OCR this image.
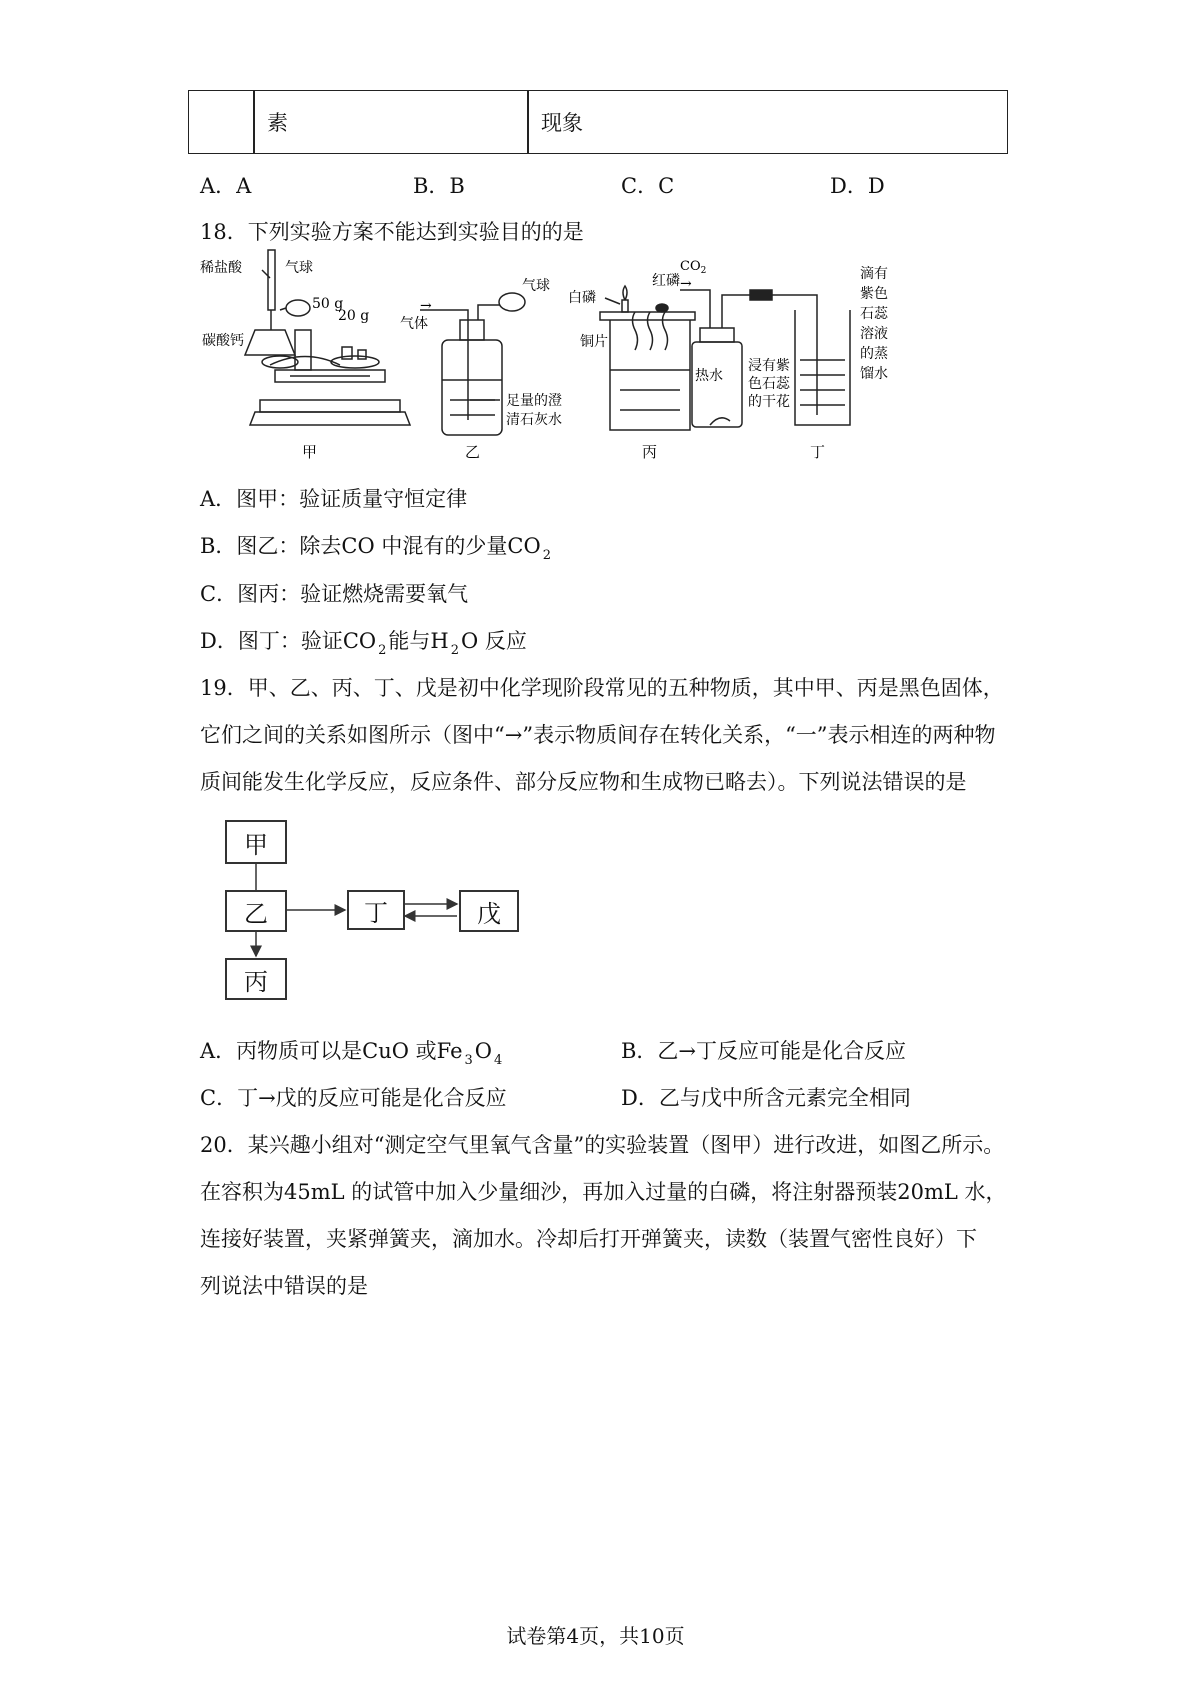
素	现象
A．A	B．B	C．C	D．D
18．下列实验方案不能达到实验目的的是
稀盐酸	气球
碳酸钙
50 g
20 g
甲
气球
气体
足量的澄
清石灰水
乙
→
红磷
白磷
铜片
热水
丙
$CO_2$
→
滴有
紫色
石蕊
溶液
的蒸
馏水
浸有紫
色石蕊
的干花
丁
A．图甲：验证质量守恒定律
B．图乙：除去CO 中混有的少量CO $_2$
C．图丙：验证燃烧需要氧气
D．图丁：验证CO $_2$能与H $_2$O 反应
19．甲、乙、丙、丁、戊是初中化学现阶段常见的五种物质，其中甲、丙是黑色固体，
它们之间的关系如图所示（图中“→”表示物质间存在转化关系，“一”表示相连的两种物
质间能发生化学反应，反应条件、部分反应物和生成物已略去）。下列说法错误的是
甲
乙
丙
丁	戊
A．丙物质可以是CuO 或Fe $_3$O $_4$	B．乙→丁反应可能是化合反应
C．丁→戊的反应可能是化合反应	D．乙与戊中所含元素完全相同
20．某兴趣小组对“测定空气里氧气含量”的实验装置（图甲）进行改进，如图乙所示。
在容积为45mL 的试管中加入少量细沙，再加入过量的白磷，将注射器预装20mL 水，
连接好装置，夹紧弹簧夹，滴加水。冷却后打开弹簧夹，读数（装置气密性良好）下
列说法中错误的是
试卷第4页，共10页
